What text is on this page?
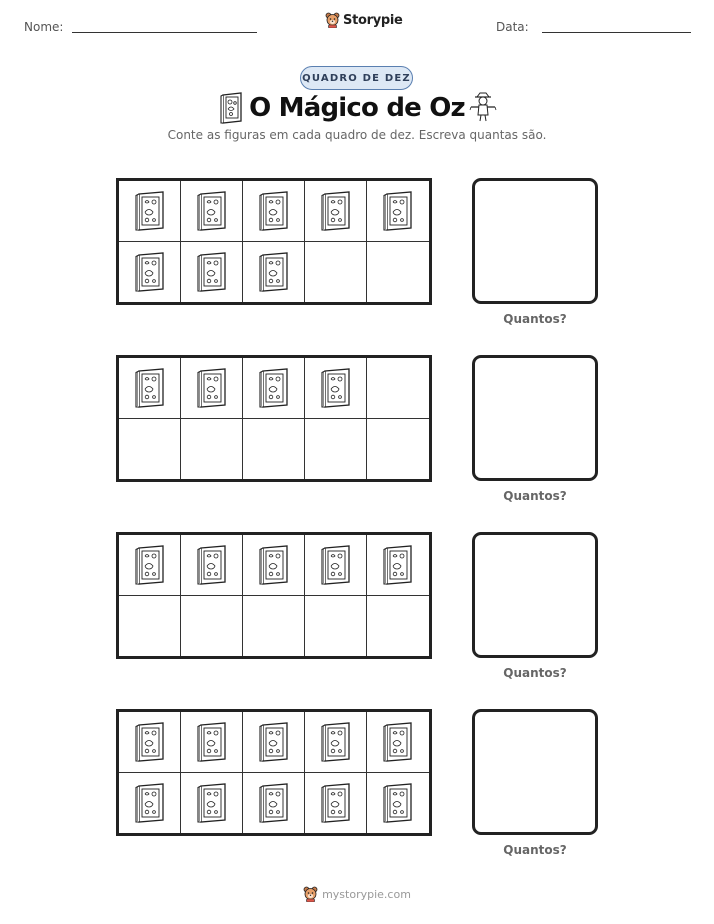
Nome:	Storypie	Data:
QUADRO DE DEZ
O Mágico de Oz
Conte as figuras em cada quadro de dez. Escreva quantas são.
Quantos?
Quantos?
Quantos?
Quantos?
mystorypie.com
